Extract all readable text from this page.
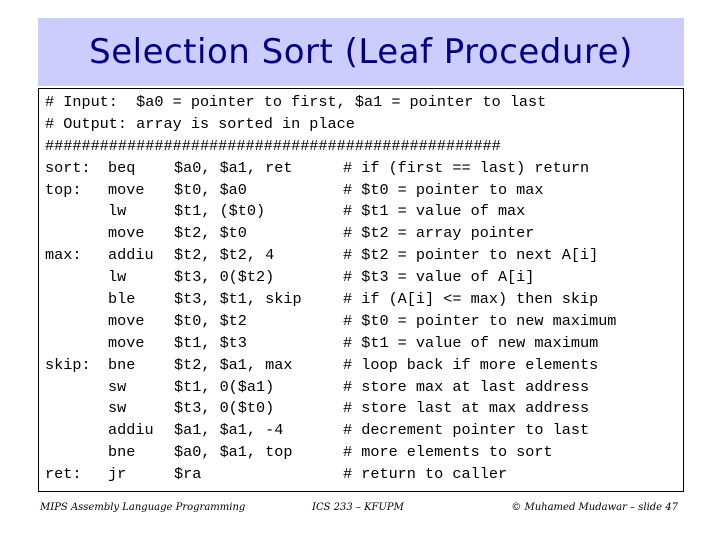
Selection Sort (Leaf Procedure)
# Input:  $a0 = pointer to first, $a1 = pointer to last
# Output: array is sorted in place
##################################################
sort: beq	$a0, $a1, ret	# if (first == last) return
top: move $t0, $a0	# $t0 = pointer to max
lw	$t1, ($t0)	# $t1 = value of max
move $t2, $t0	# $t2 = array pointer
max: addiu $t2, $t2, 4	# $t2 = pointer to next A[i]
lw	$t3, 0($t2)	# $t3 = value of A[i]
ble	$t3, $t1, skip	# if (A[i] <= max) then skip
move $t0, $t2	# $t0 = pointer to new maximum
move $t1, $t3	# $t1 = value of new maximum
skip: bne	$t2, $a1, max	# loop back if more elements
sw	$t1, 0($a1)	# store max at last address
sw	$t3, 0($t0)	# store last at max address
addiu $a1, $a1, -4	# decrement pointer to last
bne	$a0, $a1, top	# more elements to sort
ret: jr	$ra	# return to caller
MIPS Assembly Language Programming	ICS 233 – KFUPM	© Muhamed Mudawar – slide 47
